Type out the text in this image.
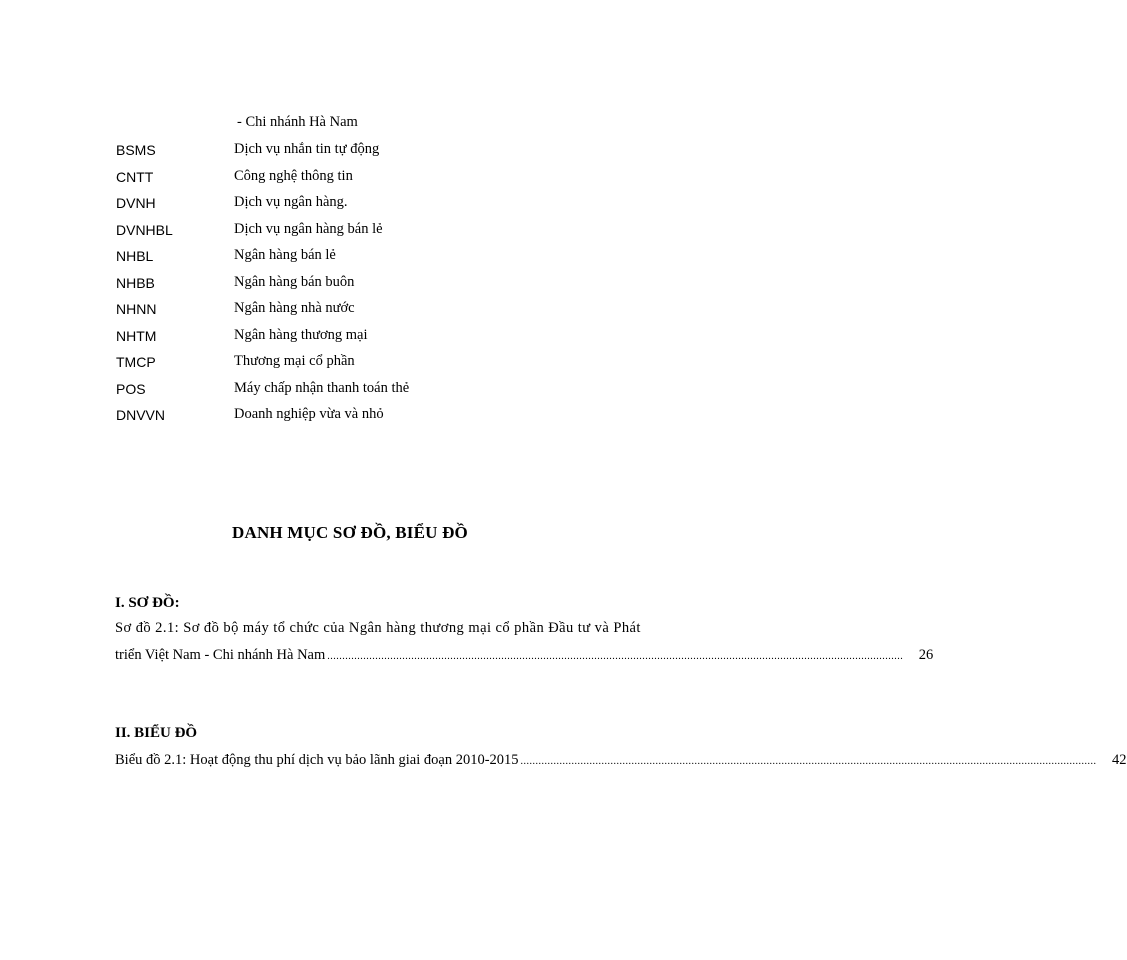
- Chi nhánh Hà Nam
BSMS	Dịch vụ nhắn tin tự động
CNTT	Công nghệ thông tin
DVNH	Dịch vụ ngân hàng.
DVNHBL	Dịch vụ ngân hàng bán lẻ
NHBL	Ngân hàng bán lẻ
NHBB	Ngân hàng bán buôn
NHNN	Ngân hàng nhà nước
NHTM	Ngân hàng thương mại
TMCP	Thương mại cổ phần
POS	Máy chấp nhận thanh toán thẻ
DNVVN	Doanh nghiệp vừa và nhỏ
DANH MỤC SƠ ĐỒ, BIỂU ĐỒ
I. SƠ ĐỒ:
Sơ đồ 2.1: Sơ đồ bộ máy tổ chức của Ngân hàng thương mại cổ phần Đầu tư và Phát
triển Việt Nam - Chi nhánh Hà Nam ................................................................................................................................................................................................	26
II. BIỂU ĐỒ
Biểu đồ 2.1: Hoạt động thu phí dịch vụ bảo lãnh giai đoạn 2010-2015 ................................................................................................................................................................................................	42
